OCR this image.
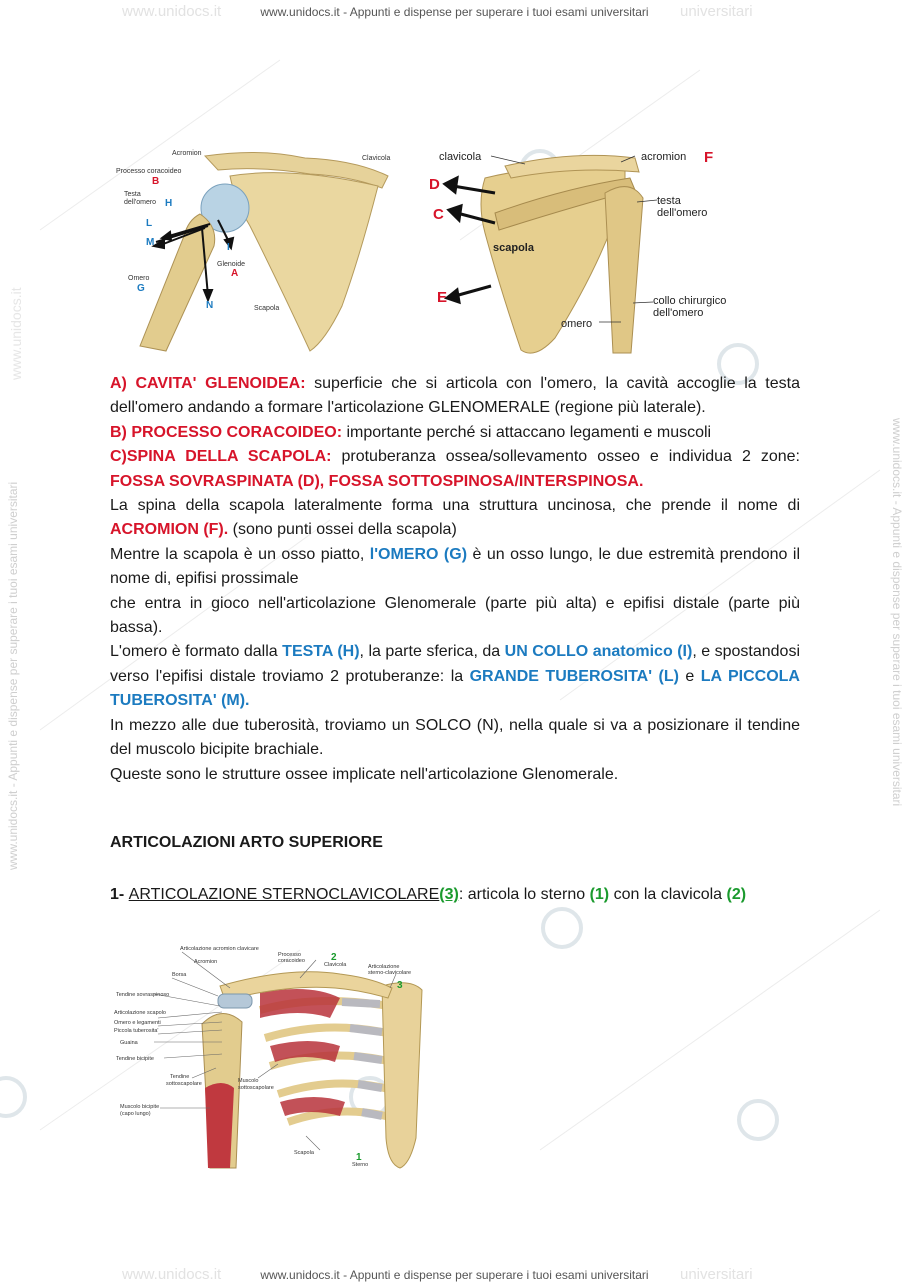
www.unidocs.it	universitari
www.unidocs.it - Appunti e dispense per superare i tuoi esami universitari
www.unidocs.it	universitari
www.unidocs.it - Appunti e dispense per superare i tuoi esami universitari
www.unidocs.it - Appunti e dispense per superare i tuoi esami universitari
www.unidocs.it
www.unidocs.it - Appunti e dispense per superare i tuoi esami universitari
Acromion
Processo coracoideo
Testa
dell'omero
Glenoide
Omero
Scapola
Clavicola
B
H
L
M	I
A
G
N
clavicola	acromion
testa
dell'omero
scapola
collo chirurgico
dell'omero
omero
F
D
C
E

A) CAVITA' GLENOIDEA: superficie che si articola con l'omero, la cavità accoglie la testa dell'omero andando a formare l'articolazione GLENOMERALE (regione più laterale).

B) PROCESSO CORACOIDEO: importante perché si attaccano legamenti e muscoli

C)SPINA DELLA SCAPOLA: protuberanza ossea/sollevamento osseo e individua 2 zone: FOSSA SOVRASPINATA (D), FOSSA SOTTOSPINOSA/INTERSPINOSA.

La spina della scapola lateralmente forma una struttura uncinosa, che prende il nome di ACROMION (F). (sono punti ossei della scapola)

Mentre la scapola è un osso piatto, l'OMERO (G) è un osso lungo, le due estremità prendono il nome di, epifisi prossimale

che entra in gioco nell'articolazione Glenomerale (parte più alta) e epifisi distale (parte più bassa).

L'omero è formato dalla TESTA (H), la parte sferica, da UN COLLO anatomico (I), e spostandosi verso l'epifisi distale troviamo 2 protuberanze: la GRANDE TUBEROSITA' (L) e LA PICCOLA TUBEROSITA' (M).

In mezzo alle due tuberosità, troviamo un SOLCO (N), nella quale si va a posizionare il tendine del muscolo bicipite brachiale.

Queste sono le strutture ossee implicate nell'articolazione Glenomerale.

ARTICOLAZIONI ARTO SUPERIORE
1- ARTICOLAZIONE STERNOCLAVICOLARE(3): articola lo sterno (1) con la clavicola (2)
Articolazione acromion clavicare
Acromion
Borsa
Processo
coracoideo
Clavicola	Articolazione
sterno-clavicolare
Tendine sovraspinoso
Articolazione scapolo
Omero e legamenti
Piccola tuberosita'
Guaina
Tendine bicipite
Tendine
sottoscapolare	Muscolo
sottoscapolare
Muscolo bicipite
(capo lungo)
Scapola
Sterno
2
3
1
